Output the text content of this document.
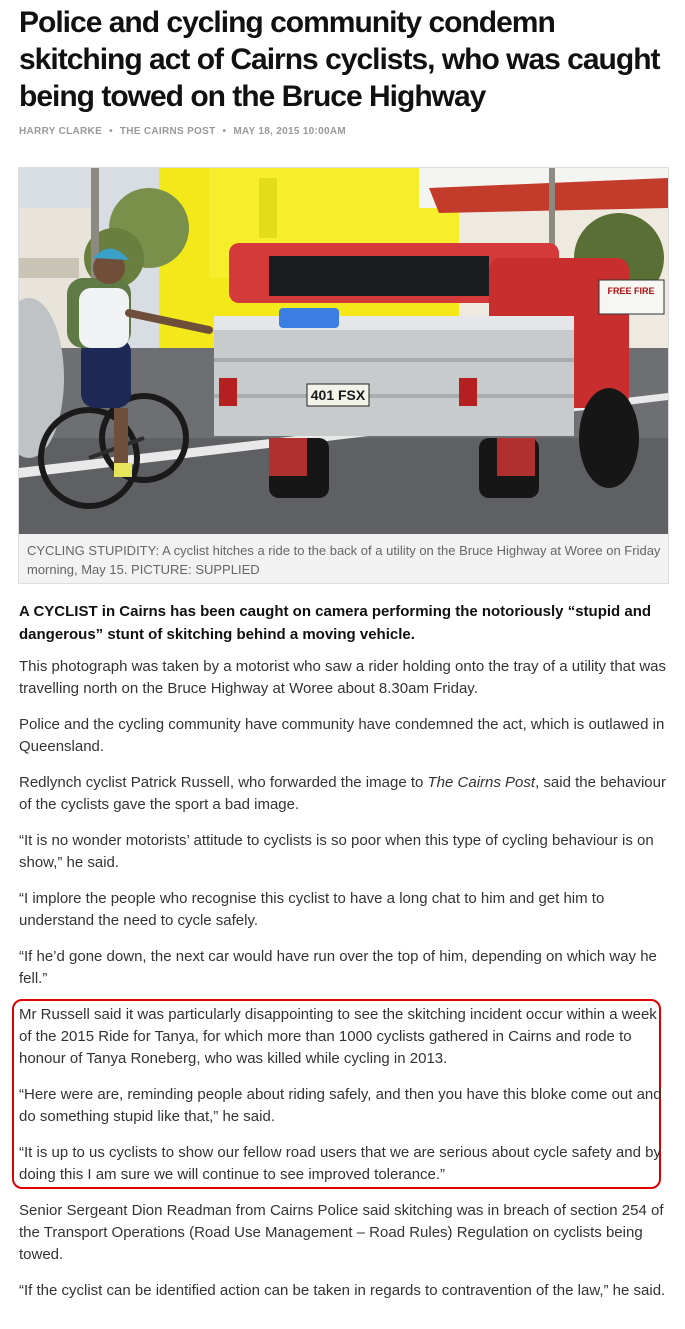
Police and cycling community condemn skitching act of Cairns cyclists, who was caught being towed on the Bruce Highway
HARRY CLARKE • THE CAIRNS POST • MAY 18, 2015 10:00AM
401 FSX
FREE FIRE

CYCLING STUPIDITY: A cyclist hitches a ride to the back of a utility on the Bruce Highway at Woree on Friday morning, May 15. PICTURE: SUPPLIED

A CYCLIST in Cairns has been caught on camera performing the notoriously “stupid and dangerous” stunt of skitching behind a moving vehicle.

This photograph was taken by a motorist who saw a rider holding onto the tray of a utility that was travelling north on the Bruce Highway at Woree about 8.30am Friday.

Police and the cycling community have community have condemned the act, which is outlawed in Queensland.

Redlynch cyclist Patrick Russell, who forwarded the image to The Cairns Post, said the behaviour of the cyclists gave the sport a bad image.

“It is no wonder motorists’ attitude to cyclists is so poor when this type of cycling behaviour is on show,” he said.

“I implore the people who recognise this cyclist to have a long chat to him and get him to understand the need to cycle safely.

“If he’d gone down, the next car would have run over the top of him, depending on which way he fell.”

Mr Russell said it was particularly disappointing to see the skitching incident occur within a week of the 2015 Ride for Tanya, for which more than 1000 cyclists gathered in Cairns and rode to honour of Tanya Roneberg, who was killed while cycling in 2013.

“Here were are, reminding people about riding safely, and then you have this bloke come out and do something stupid like that,” he said.

“It is up to us cyclists to show our fellow road users that we are serious about cycle safety and by doing this I am sure we will continue to see improved tolerance.”

Senior Sergeant Dion Readman from Cairns Police said skitching was in breach of section 254 of the Transport Operations (Road Use Management – Road Rules) Regulation on cyclists being towed.

“If the cyclist can be identified action can be taken in regards to contravention of the law,” he said.
